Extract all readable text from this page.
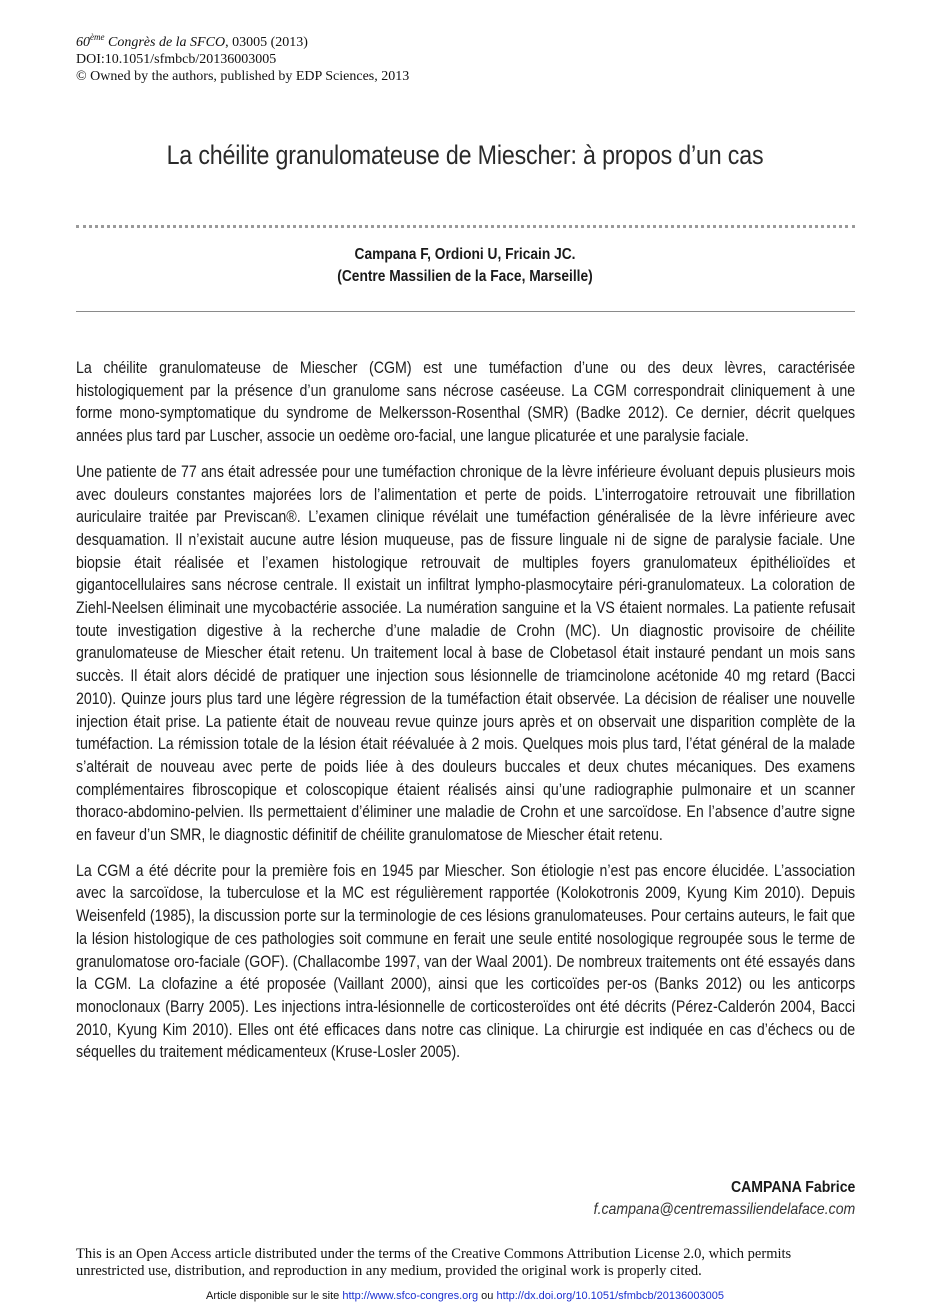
60ème Congrès de la SFCO, 03005 (2013)
DOI:10.1051/sfmbcb/20136003005
© Owned by the authors, published by EDP Sciences, 2013
La chéilite granulomateuse de Miescher: à propos d’un cas
Campana F, Ordioni U, Fricain JC.
(Centre Massilien de la Face, Marseille)

La chéilite granulomateuse de Miescher (CGM) est une tuméfaction d’une ou des deux lèvres, caractérisée histologiquement par la présence d’un granulome sans nécrose caséeuse. La CGM correspondrait cliniquement à une forme mono-symptomatique du syndrome de Melkersson-Rosenthal (SMR) (Badke 2012). Ce dernier, décrit quelques années plus tard par Luscher, associe un oedème oro-facial, une langue plicaturée et une paralysie faciale.

Une patiente de 77 ans était adressée pour une tuméfaction chronique de la lèvre inférieure évoluant depuis plusieurs mois avec douleurs constantes majorées lors de l’alimentation et perte de poids. L’interrogatoire retrouvait une fibrillation auriculaire traitée par Previscan®. L’examen clinique révélait une tuméfaction généralisée de la lèvre inférieure avec desquamation. Il n’existait aucune autre lésion muqueuse, pas de fissure linguale ni de signe de paralysie faciale. Une biopsie était réalisée et l’examen histologique retrouvait de multiples foyers granulomateux épithélioïdes et gigantocellulaires sans nécrose centrale. Il existait un infiltrat lympho-plasmocytaire péri-granulomateux. La coloration de Ziehl-Neelsen éliminait une mycobactérie associée. La numération sanguine et la VS étaient normales. La patiente refusait toute investigation digestive à la recherche d’une maladie de Crohn (MC). Un diagnostic provisoire de chéilite granulomateuse de Miescher était retenu. Un traitement local à base de Clobetasol était instauré pendant un mois sans succès. Il était alors décidé de pratiquer une injection sous lésionnelle de triamcinolone acétonide 40 mg retard (Bacci 2010). Quinze jours plus tard une légère régression de la tuméfaction était observée. La décision de réaliser une nouvelle injection était prise. La patiente était de nouveau revue quinze jours après et on observait une disparition complète de la tuméfaction. La rémission totale de la lésion était réévaluée à 2 mois. Quelques mois plus tard, l’état général de la malade s’altérait de nouveau avec perte de poids liée à des douleurs buccales et deux chutes mécaniques. Des examens complémentaires fibroscopique et coloscopique étaient réalisés ainsi qu’une radiographie pulmonaire et un scanner thoraco-abdomino-pelvien. Ils permettaient d’éliminer une maladie de Crohn et une sarcoïdose. En l’absence d’autre signe en faveur d’un SMR, le diagnostic définitif de chéilite granulomatose de Miescher était retenu.

La CGM a été décrite pour la première fois en 1945 par Miescher. Son étiologie n’est pas encore élucidée. L’association avec la sarcoïdose, la tuberculose et la MC est régulièrement rapportée (Kolokotronis 2009, Kyung Kim 2010). Depuis Weisenfeld (1985), la discussion porte sur la terminologie de ces lésions granulomateuses. Pour certains auteurs, le fait que la lésion histologique de ces pathologies soit commune en ferait une seule entité nosologique regroupée sous le terme de granulomatose oro-faciale (GOF). (Challacombe 1997, van der Waal 2001). De nombreux traitements ont été essayés dans la CGM. La clofazine a été proposée (Vaillant 2000), ainsi que les corticoïdes per-os (Banks 2012) ou les anticorps monoclonaux (Barry 2005). Les injections intra-lésionnelle de corticosteroïdes ont été décrits (Pérez-Calderón 2004, Bacci 2010, Kyung Kim 2010). Elles ont été efficaces dans notre cas clinique. La chirurgie est indiquée en cas d’échecs ou de séquelles du traitement médicamenteux (Kruse-Losler 2005).

CAMPANA Fabrice
f.campana@centremassiliendelaface.com
This is an Open Access article distributed under the terms of the Creative Commons Attribution License 2.0, which permits
unrestricted use, distribution, and reproduction in any medium, provided the original work is properly cited.
Article disponible sur le site http://www.sfco-congres.org ou http://dx.doi.org/10.1051/sfmbcb/20136003005
